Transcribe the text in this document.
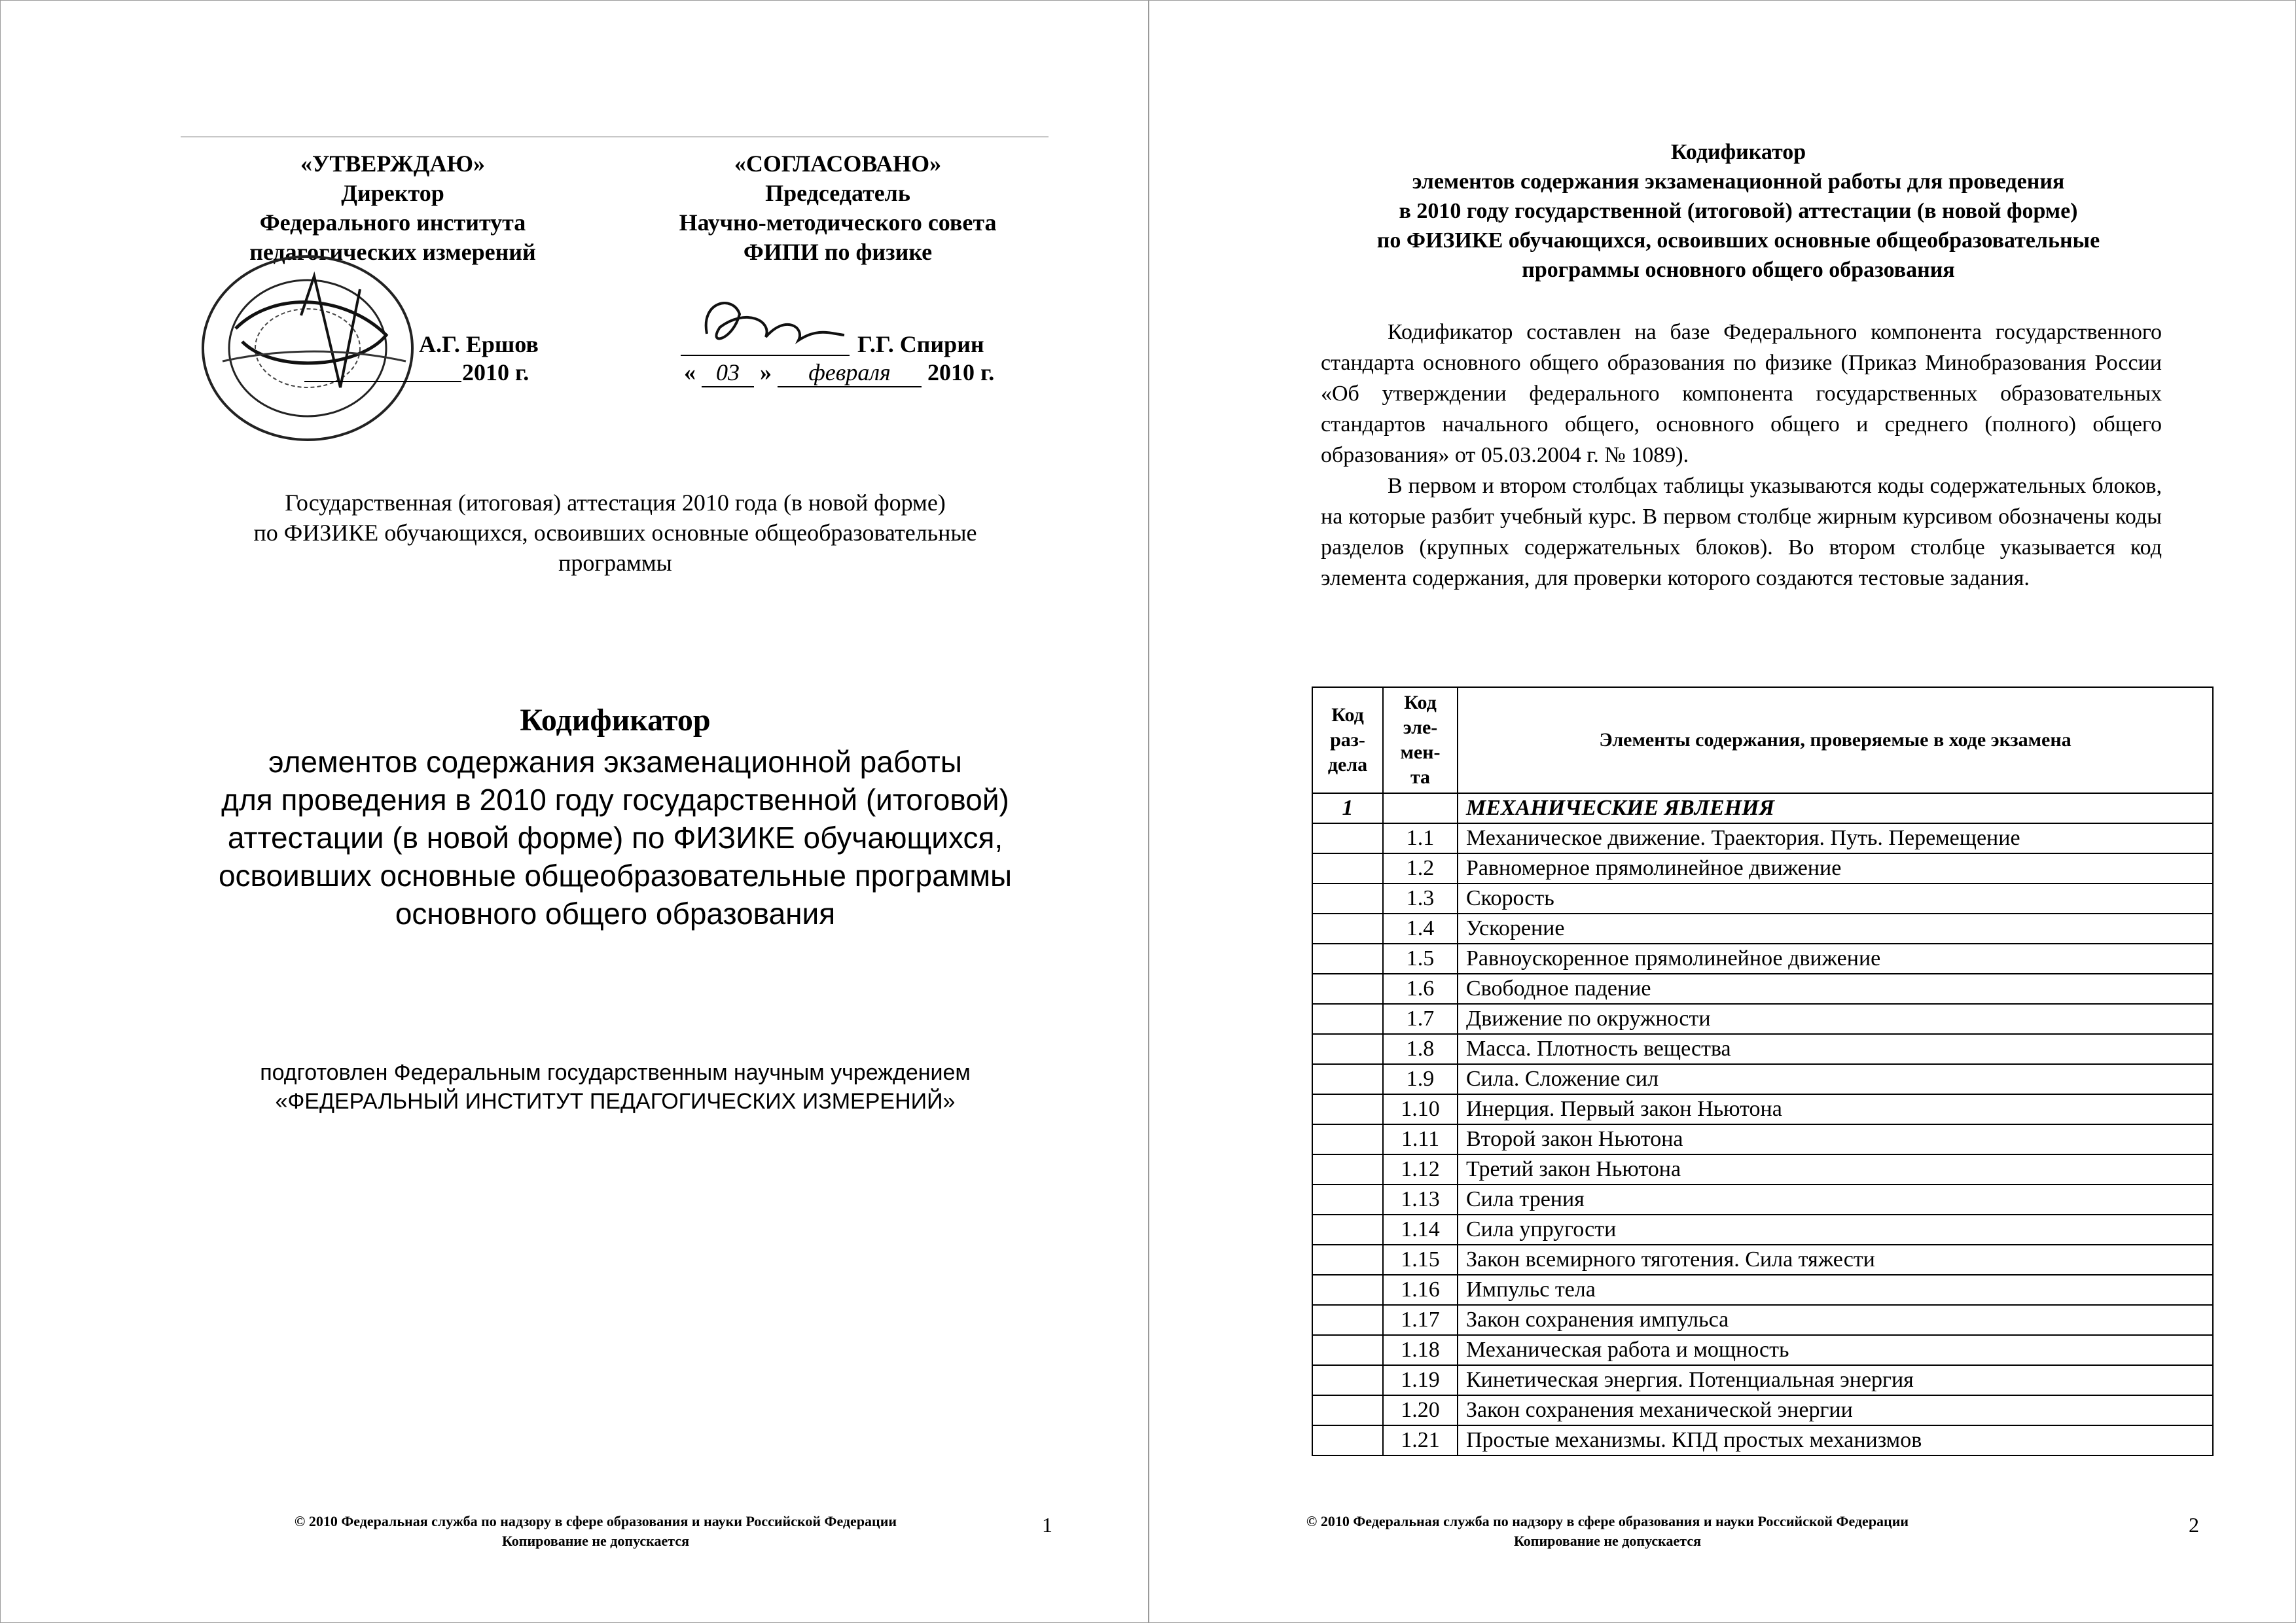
«УТВЕРЖДАЮ»
Директор
Федерального института
педагогических измерений
А.Г. Ершов
2010 г.
«СОГЛАСОВАНО»
Председатель
Научно-методического совета
ФИПИ по физике
Г.Г. Спирин
« 03 » февраля 2010 г.
Государственная (итоговая) аттестация 2010 года (в новой форме)
по ФИЗИКЕ обучающихся, освоивших основные общеобразовательные
программы
Кодификатор
элементов содержания экзаменационной работы
для проведения в 2010 году государственной (итоговой)
аттестации (в новой форме) по ФИЗИКЕ обучающихся,
освоивших основные общеобразовательные программы
основного общего образования
подготовлен Федеральным государственным научным учреждением
«ФЕДЕРАЛЬНЫЙ ИНСТИТУТ ПЕДАГОГИЧЕСКИХ ИЗМЕРЕНИЙ»
© 2010 Федеральная служба по надзору в сфере образования и науки Российской Федерации
Копирование не допускается
1
Кодификатор
элементов содержания экзаменационной работы для проведения
в 2010 году государственной (итоговой) аттестации (в новой форме)
по ФИЗИКЕ обучающихся, освоивших основные общеобразовательные
программы основного общего образования

Кодификатор составлен на базе Федерального компонента государственного стандарта основного общего образования по физике (Приказ Минобразования России «Об утверждении федерального компонента государственных образовательных стандартов начального общего, основного общего и среднего (полного) общего образования» от 05.03.2004 г. № 1089).

В первом и втором столбцах таблицы указываются коды содержательных блоков, на которые разбит учебный курс. В первом столбце жирным курсивом обозначены коды разделов (крупных содержательных блоков). Во втором столбце указывается код элемента содержания, для проверки которого создаются тестовые задания.

Код раз-дела	Код эле-мен-та	Элементы содержания, проверяемые в ходе экзамена
1		МЕХАНИЧЕСКИЕ ЯВЛЕНИЯ
	1.1	Механическое движение. Траектория. Путь. Перемещение
	1.2	Равномерное прямолинейное движение
	1.3	Скорость
	1.4	Ускорение
	1.5	Равноускоренное прямолинейное движение
	1.6	Свободное падение
	1.7	Движение по окружности
	1.8	Масса. Плотность вещества
	1.9	Сила. Сложение сил
	1.10	Инерция. Первый закон Ньютона
	1.11	Второй закон Ньютона
	1.12	Третий закон Ньютона
	1.13	Сила трения
	1.14	Сила упругости
	1.15	Закон всемирного тяготения. Сила тяжести
	1.16	Импульс тела
	1.17	Закон сохранения импульса
	1.18	Механическая работа и мощность
	1.19	Кинетическая энергия. Потенциальная энергия
	1.20	Закон сохранения механической энергии
	1.21	Простые механизмы. КПД простых механизмов
© 2010 Федеральная служба по надзору в сфере образования и науки Российской Федерации
Копирование не допускается
2
